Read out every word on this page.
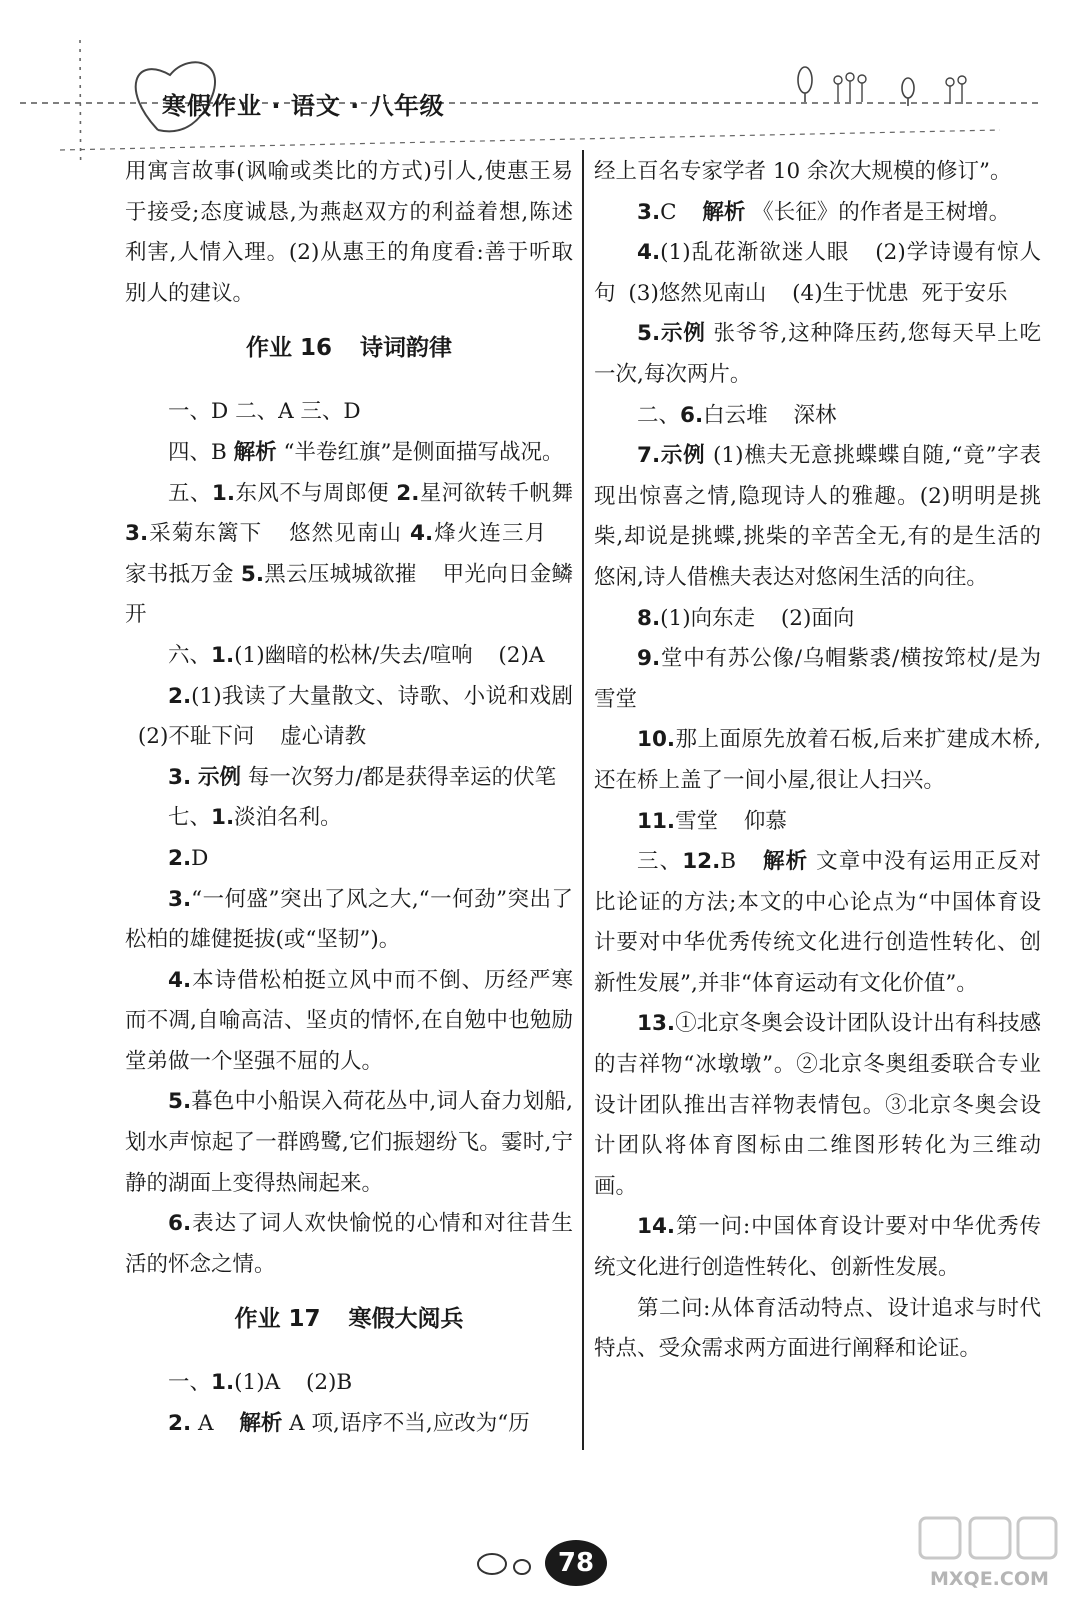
寒假作业 · 语文 · 八年级
用寓言故事(讽喻或类比的方式)引人,使惠王易于接受;态度诚恳,为燕赵双方的利益着想,陈述利害,人情入理。(2)从惠王的角度看:善于听取别人的建议。
作业 16 诗词韵律
一、D 二、A 三、D
四、B 解析 “半卷红旗”是侧面描写战况。
五、1.东风不与周郎便 2.星河欲转千帆舞 3.采菊东篱下 悠然见南山 4.烽火连三月家书抵万金 5.黑云压城城欲摧 甲光向日金鳞开
六、1.(1)幽暗的松林/失去/喧响 (2)A
2.(1)我读了大量散文、诗歌、小说和戏剧(2)不耻下问 虚心请教
3. 示例 每一次努力/都是获得幸运的伏笔
七、1.淡泊名利。
2.D
3.“一何盛”突出了风之大,“一何劲”突出了松柏的雄健挺拔(或“坚韧”)。
4.本诗借松柏挺立风中而不倒、历经严寒而不凋,自喻高洁、坚贞的情怀,在自勉中也勉励堂弟做一个坚强不屈的人。
5.暮色中小船误入荷花丛中,词人奋力划船,划水声惊起了一群鸥鹭,它们振翅纷飞。霎时,宁静的湖面上变得热闹起来。
6.表达了词人欢快愉悦的心情和对往昔生活的怀念之情。
作业 17 寒假大阅兵
一、1.(1)A (2)B
2. A 解析 A 项,语序不当,应改为“历
经上百名专家学者 10 余次大规模的修订”。
3.C 解析 《长征》的作者是王树增。
4.(1)乱花渐欲迷人眼 (2)学诗谩有惊人句 (3)悠然见南山 (4)生于忧患 死于安乐
5.示例 张爷爷,这种降压药,您每天早上吃一次,每次两片。
二、6.白云堆 深林
7.示例 (1)樵夫无意挑蝶蝶自随,“竟”字表现出惊喜之情,隐现诗人的雅趣。(2)明明是挑柴,却说是挑蝶,挑柴的辛苦全无,有的是生活的悠闲,诗人借樵夫表达对悠闲生活的向往。
8.(1)向东走 (2)面向
9.堂中有苏公像/乌帽紫裘/横按筇杖/是为雪堂
10.那上面原先放着石板,后来扩建成木桥,还在桥上盖了一间小屋,很让人扫兴。
11.雪堂 仰慕
三、12.B 解析 文章中没有运用正反对比论证的方法;本文的中心论点为“中国体育设计要对中华优秀传统文化进行创造性转化、创新性发展”,并非“体育运动有文化价值”。
13.①北京冬奥会设计团队设计出有科技感的吉祥物“冰墩墩”。②北京冬奥组委联合专业设计团队推出吉祥物表情包。③北京冬奥会设计团队将体育图标由二维图形转化为三维动画。
14.第一问:中国体育设计要对中华优秀传统文化进行创造性转化、创新性发展。
第二问:从体育活动特点、设计追求与时代特点、受众需求两方面进行阐释和论证。
78
MXQE.COM
